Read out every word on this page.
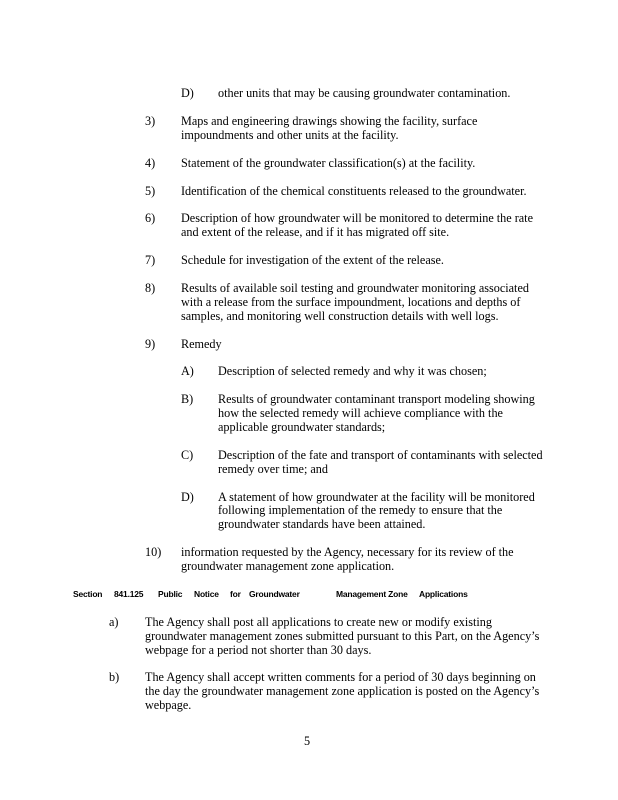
D) other units that may be causing groundwater contamination.
3) Maps and engineering drawings showing the facility, surface
impoundments and other units at the facility.
4) Statement of the groundwater classification(s) at the facility.
5) Identification of the chemical constituents released to the groundwater.
6) Description of how groundwater will be monitored to determine the rate
and extent of the release, and if it has migrated off site.
7) Schedule for investigation of the extent of the release.
8) Results of available soil testing and groundwater monitoring associated
with a release from the surface impoundment, locations and depths of
samples, and monitoring well construction details with well logs.
9) Remedy
A) Description of selected remedy and why it was chosen;
B) Results of groundwater contaminant transport modeling showing
how the selected remedy will achieve compliance with the
applicable groundwater standards;
C) Description of the fate and transport of contaminants with selected
remedy over time; and
D) A statement of how groundwater at the facility will be monitored
following implementation of the remedy to ensure that the
groundwater standards have been attained.
10) information requested by the Agency, necessary for its review of the
groundwater management zone application.
Section 841.125 Public Notice for Groundwater	Management Zone Applications
a) The Agency shall post all applications to create new or modify existing
groundwater management zones submitted pursuant to this Part, on the Agency’s
webpage for a period not shorter than 30 days.
b) The Agency shall accept written comments for a period of 30 days beginning on
the day the groundwater management zone application is posted on the Agency’s
webpage.
5
